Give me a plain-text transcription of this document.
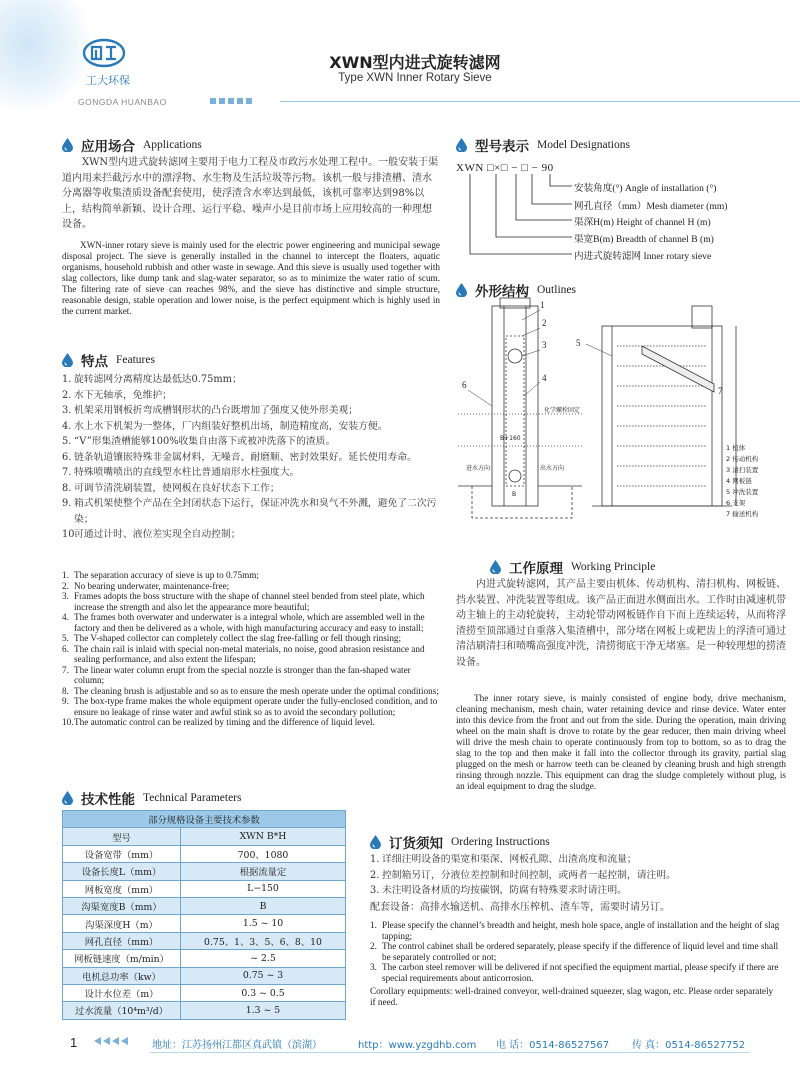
工大环保
GONGDA HUANBAO
XWN型内进式旋转滤网
Type XWN Inner Rotary Sieve
应用场合 Applications
XWN型内进式旋转滤网主要用于电力工程及市政污水处理工程中。一般安装于渠道内用来拦截污水中的漂浮物、水生物及生活垃圾等污物。该机一般与排渣槽、渣水分离器等收集渣质设备配套使用，使浮渣含水率达到最低，该机可靠率达到98%以上，结构简单新颖、设计合理、运行平稳、噪声小是目前市场上应用较高的一种理想设备。
XWN-inner rotary sieve is mainly used for the electric power engineering and municipal sewage disposal project. The sieve is generally installed in the channel to intercept the floaters, aquatic organisms, household rubbish and other waste in sewage. And this sieve is usually used together with slag collectors, like dump tank and slag-water separator, so as to minimize the water ratio of scum. The filtering rate of sieve can reaches 98%, and the sieve has distinctive and simple structure, reasonable design, stable operation and lower noise, is the perfect equipment which is highly used in the current market.
特点 Features
1. 旋转滤网分离精度达最低达0.75mm；
2. 水下无轴承，免维护；
3. 机架采用钢板折弯成槽钢形状的凸台既增加了强度又使外形美观；
4. 水上水下机架为一整体，厂内组装好整机出场，制造精度高，安装方便。
5. “V”形集渣槽能够100%收集自由落下或被冲洗落下的渣质。
6. 链条轨道镶嵌特殊非金属材料，无噪音、耐磨顺、密封效果好。延长使用寿命。
7. 特殊喷嘴喷出的直线型水柱比普通扇形水柱强度大。
8. 可调节清洗刷装置，使网板在良好状态下工作；
9. 箱式机架使整个产品在全封闭状态下运行，保证冲洗水和臭气不外溅，避免了二次污染；
10.
可通过计时、液位差实现全自动控制；
1. The separation accuracy of sieve is up to 0.75mm;
2. No bearing underwater, maintenance-free;
3. Frames adopts the boss structure with the shape of channel steel bended from steel plate, which increase the strength and also let the appearance more beautiful;
4. The frames both overwater and underwater is a integral whole, which are assembled well in the factory and then be delivered as a whole, with high manufacturing accuracy and easy to install;
5. The V-shaped collector can completely collect the slag free-falling or fell though rinsing;
6. The chain rail is inlaid with special non-metal materials, no noise, good abrasion resistance and sealing performance, and also extent the lifespan;
7. The linear water column erupt from the special nozzle is stronger than the fan-shaped water column;
8. The cleaning brush is adjustable and so as to ensure the mesh operate under the optimal conditions;
9. The box-type frame makes the whole equipment operate under the fully-enclosed condition, and to ensure no leakage of rinse water and awful stink so as to avoid the secondary pollution;
10. The automatic control can be realized by timing and the difference of liquid level.
技术性能 Technical Parameters
部分规格设备主要技术参数	
型号	XWN B*H
设备宽带（mm）	700、1080
设备长度L（mm）	根据流量定
网板宽度（mm）	L−150
沟渠宽度B（mm）	B
沟渠深度H（m）	1.5 ~ 10
网孔直径（mm）	0.75、1、3、5、6、8、10
网板链速度（m/min）	~ 2.5
电机总功率（kw）	0.75 ~ 3
设计水位差（m）	0.3 ~ 0.5
过水流量（10⁴m³/d）	1.3 ~ 5
型号表示 Model Designations
XWN □×□ − □ − 90
安装角度(°) Angle of installation (°)
网孔直径（mm）Mesh diameter (mm)
渠深H(m) Height of channel H (m)
渠宽B(m) Breadth of channel B (m)
内进式旋转滤网 Inner rotary sieve
外形结构 Outlines
1
2
3
4
5
6
7
化学螺栓固定
进水方向	出水方向
B+160
B
1 机体
2 传动机构
3 清扫装置
4 网板链
5 冲洗装置
6 支架
7 输送机构
工作原理 Working Principle
内进式旋转滤网，其产品主要由机体、传动机构、清扫机构、网板链、挡水装置、冲洗装置等组成。该产品正面进水侧面出水。工作时由减速机带动主轴上的主动轮旋转，主动轮带动网板链作自下而上连续运转，从而将浮渣捞至顶部通过自重落入集渣槽中，部分堵在网板上或耙齿上的浮渣可通过清洁刷清扫和喷嘴高强度冲洗，清捞彻底干净无堵塞。是一种较理想的捞渣设备。
The inner rotary sieve, is mainly consisted of engine body, drive mechanism, cleaning mechanism, mesh chain, water retaining device and rinse device. Water enter into this device from the front and out from the side. During the operation, main driving wheel on the main shaft is drove to rotate by the gear reducer, then main driving wheel will drive the mesh chain to operate continuously from top to bottom, so as to drag the slag to the top and then make it fall into the collector through its gravity, partial slag plugged on the mesh or harrow teeth can be cleaned by cleaning brush and high strength rinsing through nozzle. This equipment can drag the sludge completely without plug, is an ideal equipment to drag the sludge.
订货须知 Ordering Instructions
1. 详细注明设备的渠宽和渠深、网板孔隙、出渣高度和流量；
2. 控制箱另订，分液位差控制和时间控制，或两者一起控制，请注明。
3. 未注明设备材质的均按碳钢，防腐有特殊要求时请注明。
配套设备：高排水输送机、高排水压榨机、渣车等，需要时请另订。
1. Please specify the channel’s breadth and height, mesh hole space, angle of installation and the height of slag tapping;
2. The control cabinet shall be ordered separately, please specify if the difference of liquid level and time shall be separately controlled or not;
3. The carbon steel remover will be delivered if not specified the equipment martial, please specify if there are special requirements about anticorrosion.
Corollary equipments: well-drained conveyor, well-drained squeezer, slag wagon, etc. Please order separately if need.
1	地址：江苏扬州江都区真武镇（滨湖）	http：www.yzgdhb.com 电 话：0514-86527567 传 真：0514-86527752
